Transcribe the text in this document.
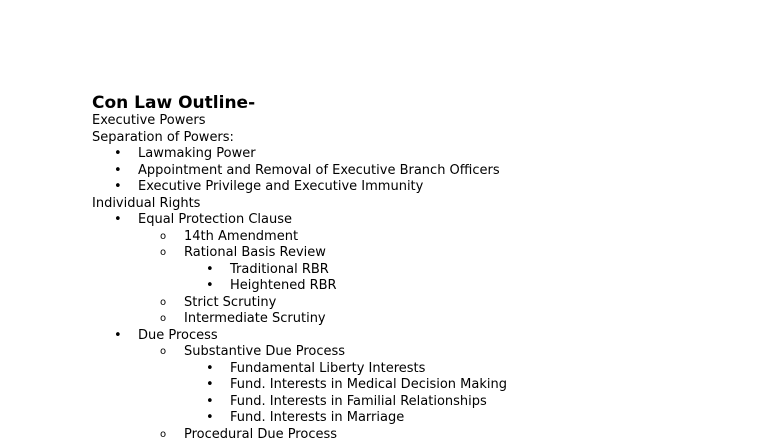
Con Law Outline-
Executive Powers
Separation of Powers:
• Lawmaking Power
• Appointment and Removal of Executive Branch Officers
• Executive Privilege and Executive Immunity
Individual Rights
• Equal Protection Clause
o 14th Amendment
o Rational Basis Review
• Traditional RBR
• Heightened RBR
o Strict Scrutiny
o Intermediate Scrutiny
• Due Process
o Substantive Due Process
• Fundamental Liberty Interests
• Fund. Interests in Medical Decision Making
• Fund. Interests in Familial Relationships
• Fund. Interests in Marriage
o Procedural Due Process
